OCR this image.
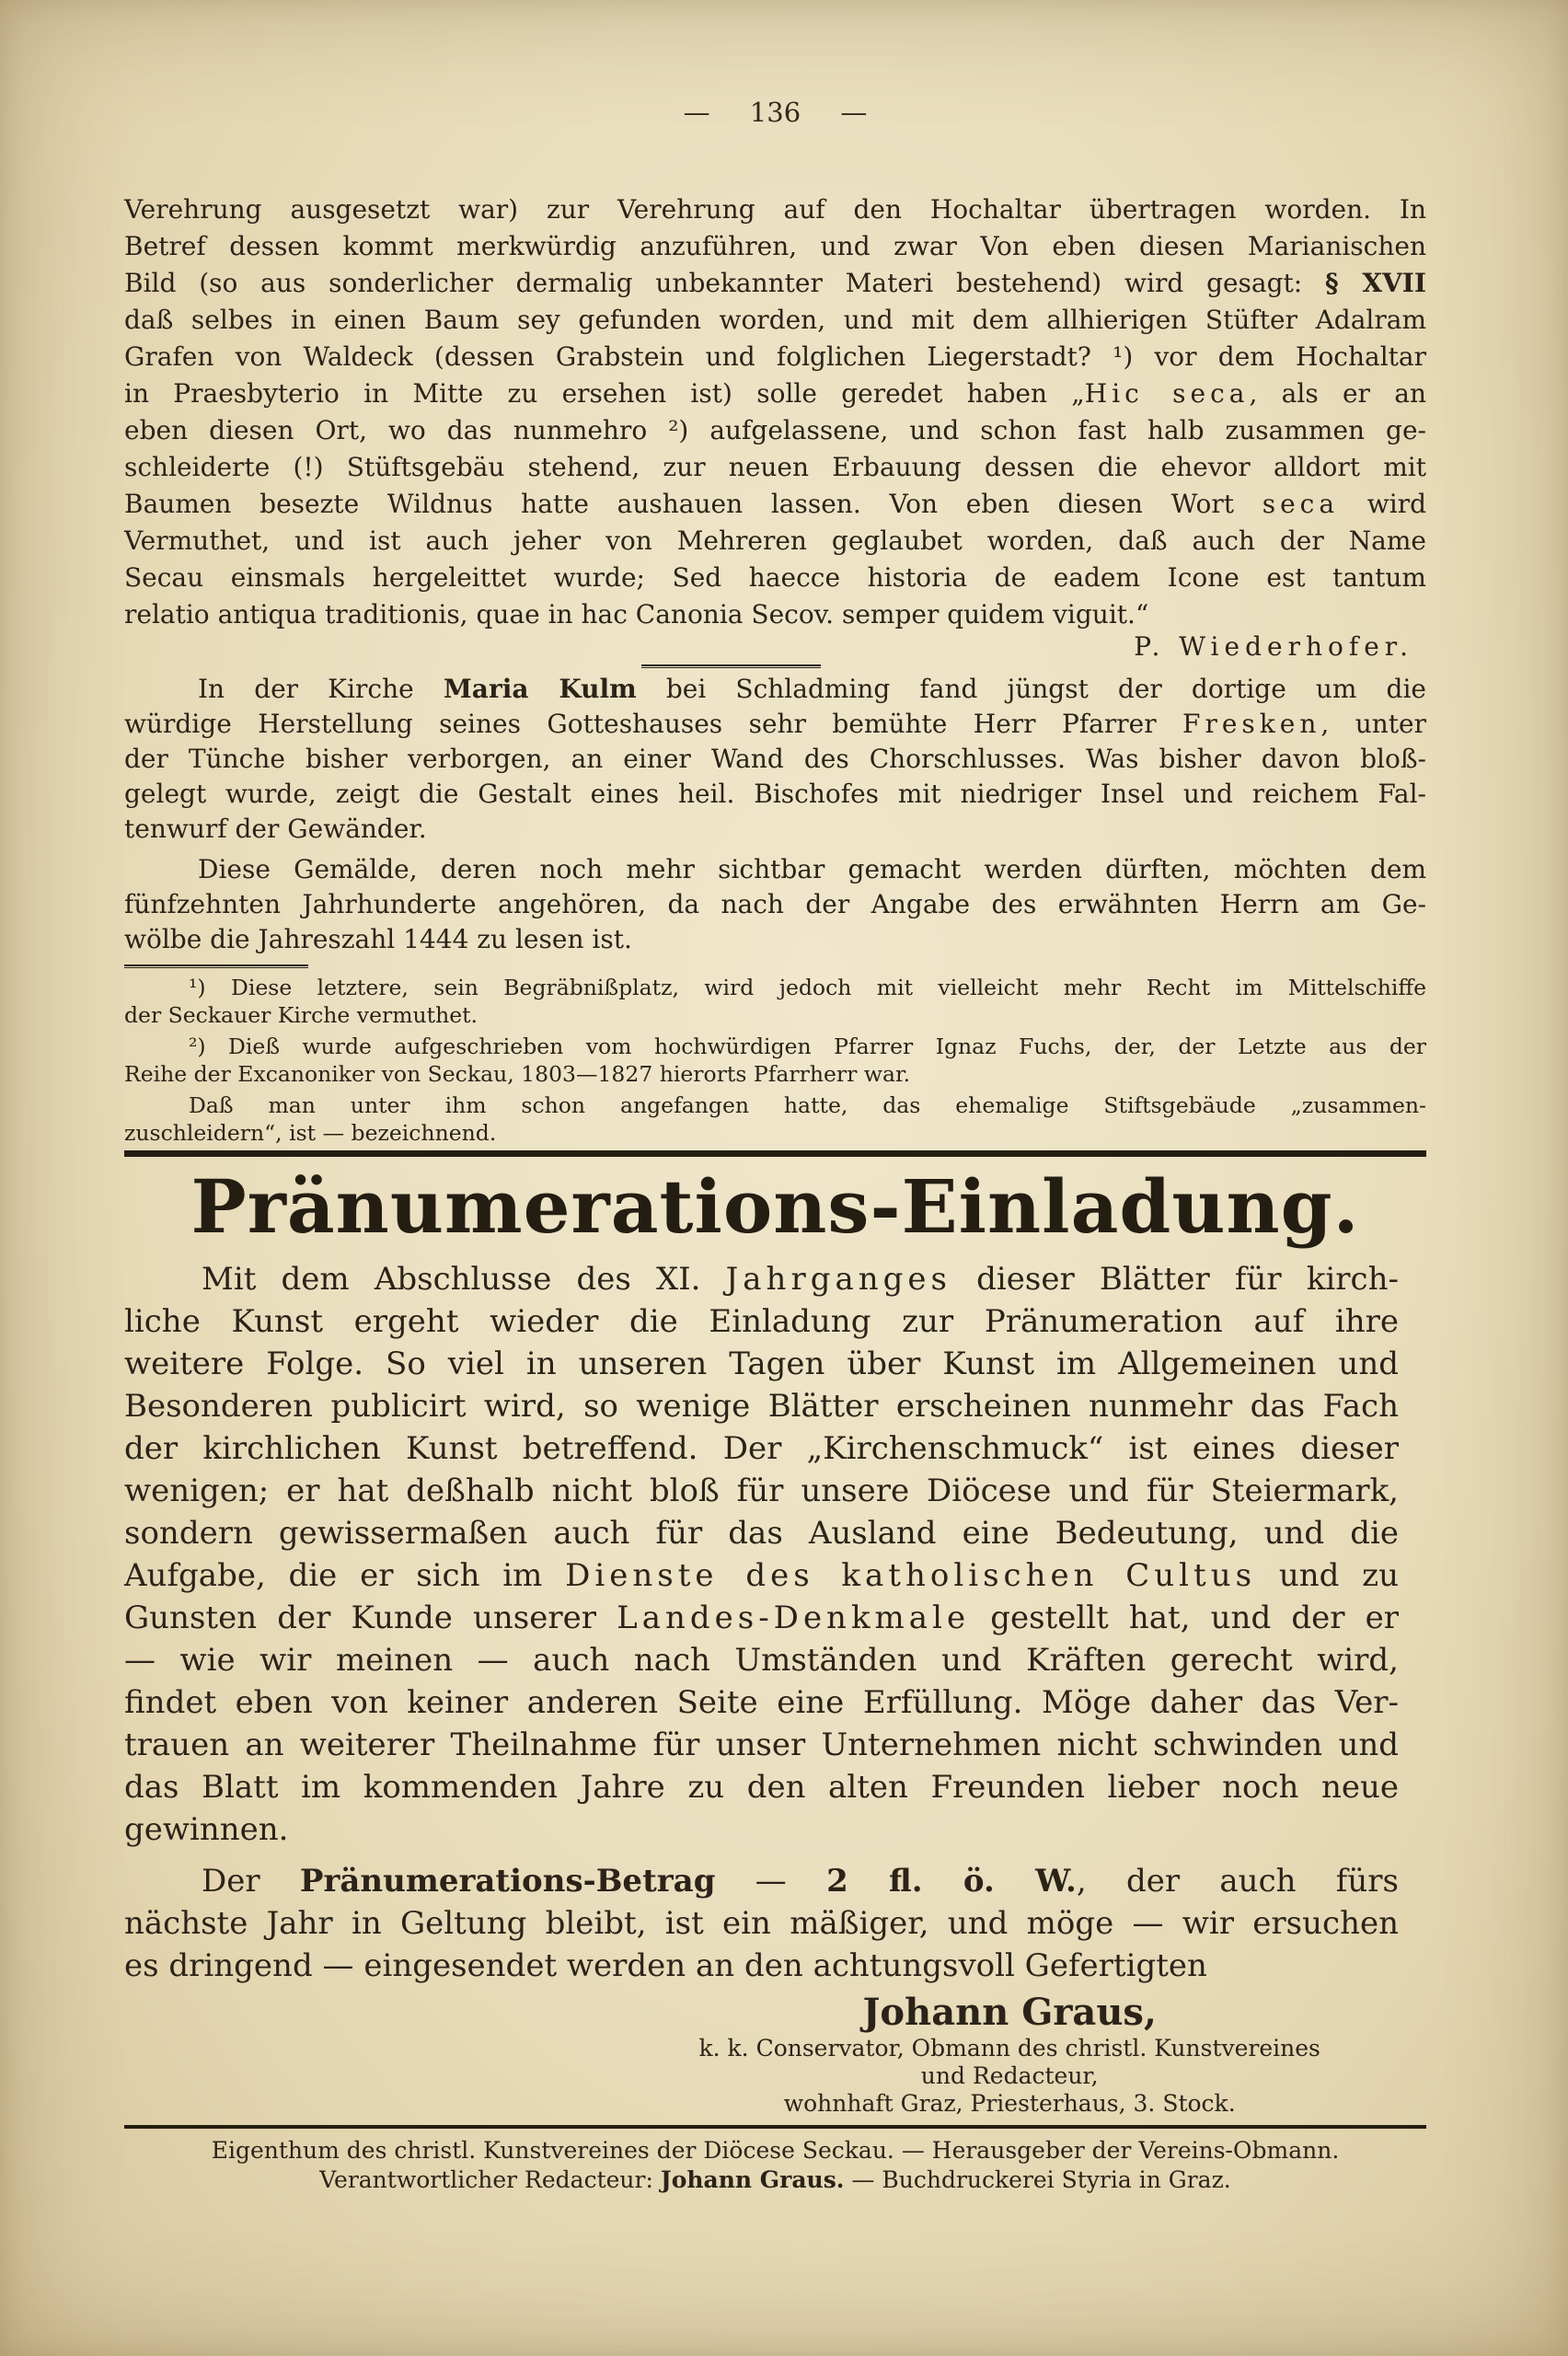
— 136 —
Verehrung ausgesetzt war) zur Verehrung auf den Hochaltar übertragen worden. In
Betref dessen kommt merkwürdig anzuführen, und zwar Von eben diesen Marianischen
Bild (so aus sonderlicher dermalig unbekannter Materi bestehend) wird gesagt: § XVII
daß selbes in einen Baum sey gefunden worden, und mit dem allhierigen Stüfter Adalram
Grafen von Waldeck (dessen Grabstein und folglichen Liegerstadt? ¹) vor dem Hochaltar
in Praesbyterio in Mitte zu ersehen ist) solle geredet haben „Hic seca, als er an
eben diesen Ort, wo das nunmehro ²) aufgelassene, und schon fast halb zusammen ge-
schleiderte (!) Stüftsgebäu stehend, zur neuen Erbauung dessen die ehevor alldort mit
Baumen besezte Wildnus hatte aushauen lassen. Von eben diesen Wort seca wird
Vermuthet, und ist auch jeher von Mehreren geglaubet worden, daß auch der Name
Secau einsmals hergeleittet wurde; Sed haecce historia de eadem Icone est tantum
relatio antiqua traditionis, quae in hac Canonia Secov. semper quidem viguit.“
P. Wiederhofer.
In der Kirche Maria Kulm bei Schladming fand jüngst der dortige um die
würdige Herstellung seines Gotteshauses sehr bemühte Herr Pfarrer Fresken, unter
der Tünche bisher verborgen, an einer Wand des Chorschlusses. Was bisher davon bloß-
gelegt wurde, zeigt die Gestalt eines heil. Bischofes mit niedriger Insel und reichem Fal-
tenwurf der Gewänder.
Diese Gemälde, deren noch mehr sichtbar gemacht werden dürften, möchten dem
fünfzehnten Jahrhunderte angehören, da nach der Angabe des erwähnten Herrn am Ge-
wölbe die Jahreszahl 1444 zu lesen ist.
¹) Diese letztere, sein Begräbnißplatz, wird jedoch mit vielleicht mehr Recht im Mittelschiffe
der Seckauer Kirche vermuthet.
²) Dieß wurde aufgeschrieben vom hochwürdigen Pfarrer Ignaz Fuchs, der, der Letzte aus der
Reihe der Excanoniker von Seckau, 1803—1827 hierorts Pfarrherr war.
Daß man unter ihm schon angefangen hatte, das ehemalige Stiftsgebäude „zusammen-
zuschleidern“, ist — bezeichnend.
Pränumerations-Einladung.
Mit dem Abschlusse des XI. Jahrganges dieser Blätter für kirch-
liche Kunst ergeht wieder die Einladung zur Pränumeration auf ihre
weitere Folge. So viel in unseren Tagen über Kunst im Allgemeinen und
Besonderen publicirt wird, so wenige Blätter erscheinen nunmehr das Fach
der kirchlichen Kunst betreffend. Der „Kirchenschmuck“ ist eines dieser
wenigen; er hat deßhalb nicht bloß für unsere Diöcese und für Steiermark,
sondern gewissermaßen auch für das Ausland eine Bedeutung, und die
Aufgabe, die er sich im Dienste des katholischen Cultus und zu
Gunsten der Kunde unserer Landes-Denkmale gestellt hat, und der er
— wie wir meinen — auch nach Umständen und Kräften gerecht wird,
findet eben von keiner anderen Seite eine Erfüllung. Möge daher das Ver-
trauen an weiterer Theilnahme für unser Unternehmen nicht schwinden und
das Blatt im kommenden Jahre zu den alten Freunden lieber noch neue
gewinnen.
Der Pränumerations-Betrag — 2 fl. ö. W., der auch fürs
nächste Jahr in Geltung bleibt, ist ein mäßiger, und möge — wir ersuchen
es dringend — eingesendet werden an den achtungsvoll Gefertigten
Johann Graus,
k. k. Conservator, Obmann des christl. Kunstvereines
und Redacteur,
wohnhaft Graz, Priesterhaus, 3. Stock.
Eigenthum des christl. Kunstvereines der Diöcese Seckau. — Herausgeber der Vereins-Obmann.
Verantwortlicher Redacteur: Johann Graus. — Buchdruckerei Styria in Graz.
